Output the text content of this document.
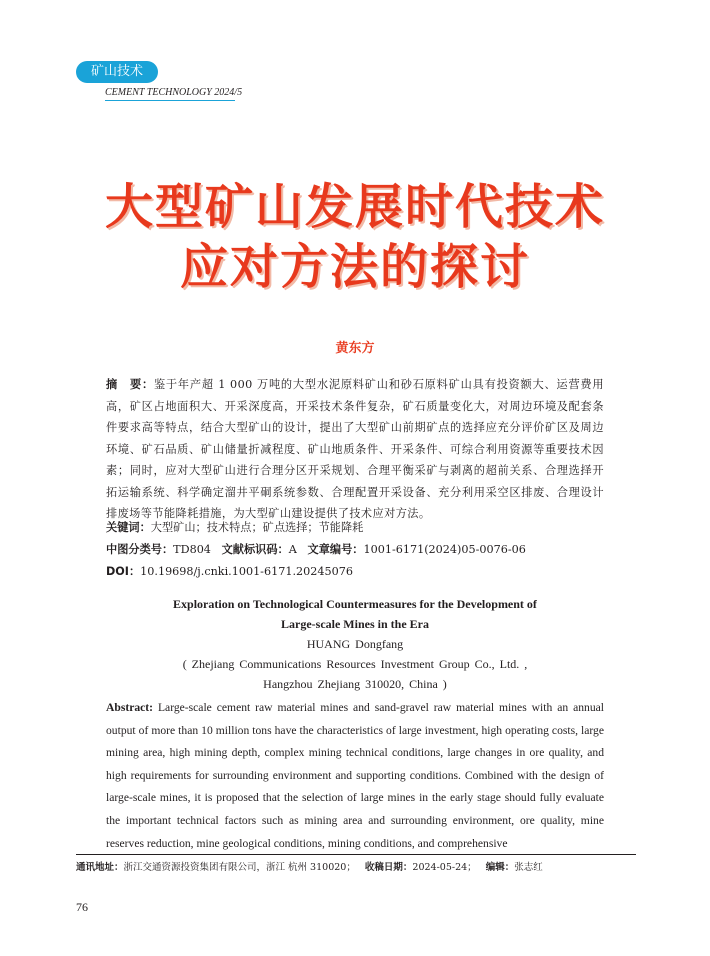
矿山技术
CEMENT TECHNOLOGY 2024/5
大型矿山发展时代技术
应对方法的探讨
黄东方

摘　要：鉴于年产超 1 000 万吨的大型水泥原料矿山和砂石原料矿山具有投资额大、运营费用高，矿区占地面积大、开采深度高，开采技术条件复杂，矿石质量变化大，对周边环境及配套条件要求高等特点，结合大型矿山的设计，提出了大型矿山前期矿点的选择应充分评价矿区及周边环境、矿石品质、矿山储量折减程度、矿山地质条件、开采条件、可综合利用资源等重要技术因素；同时，应对大型矿山进行合理分区开采规划、合理平衡采矿与剥离的超前关系、合理选择开拓运输系统、科学确定溜井平硐系统参数、合理配置开采设备、充分利用采空区排废、合理设计排废场等节能降耗措施，为大型矿山建设提供了技术应对方法。

关键词：大型矿山；技术特点；矿点选择；节能降耗

中图分类号：TD804 文献标识码：A 文章编号：1001-6171(2024)05-0076-06

DOI：10.19698/j.cnki.1001-6171.20245076

Exploration on Technological Countermeasures for the Development of

Large-scale Mines in the Era

HUANG Dongfang

( Zhejiang Communications Resources Investment Group Co., Ltd. ,

Hangzhou Zhejiang 310020, China )

Abstract: Large-scale cement raw material mines and sand-gravel raw material mines with an annual output of more than 10 million tons have the characteristics of large investment, high operating costs, large mining area, high mining depth, complex mining technical conditions, large changes in ore quality, and high requirements for surrounding environment and supporting conditions. Combined with the design of large-scale mines, it is proposed that the selection of large mines in the early stage should fully evaluate the important technical factors such as mining area and surrounding environment, ore quality, mine reserves reduction, mine geological conditions, mining conditions, and comprehensive

通讯地址：浙江交通资源投资集团有限公司，浙江 杭州 310020； 收稿日期：2024-05-24； 编辑：张志红

76
